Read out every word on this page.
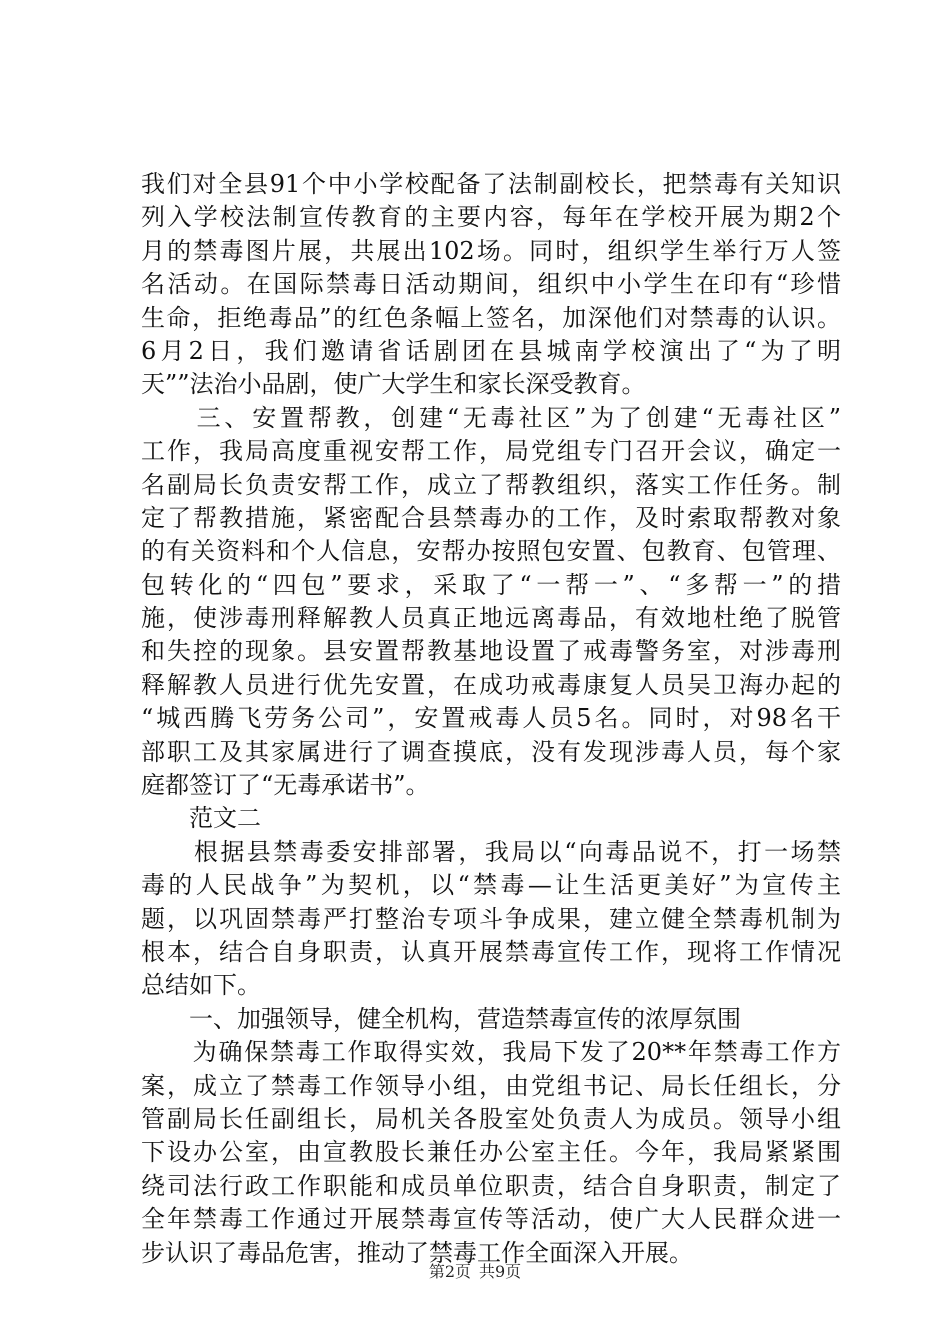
我们对全县91个中小学校配备了法制副校长，把禁毒有关知识
列入学校法制宣传教育的主要内容，每年在学校开展为期2个
月的禁毒图片展，共展出102场。同时，组织学生举行万人签
名活动。在国际禁毒日活动期间，组织中小学生在印有“珍惜
生命，拒绝毒品”的红色条幅上签名，加深他们对禁毒的认识。
6月2日，我们邀请省话剧团在县城南学校演出了“为了明
天””法治小品剧，使广大学生和家长深受教育。
　　三、安置帮教，创建“无毒社区”为了创建“无毒社区”
工作，我局高度重视安帮工作，局党组专门召开会议，确定一
名副局长负责安帮工作，成立了帮教组织，落实工作任务。制
定了帮教措施，紧密配合县禁毒办的工作，及时索取帮教对象
的有关资料和个人信息，安帮办按照包安置、包教育、包管理、
包转化的“四包”要求，采取了“一帮一”、“多帮一”的措
施，使涉毒刑释解教人员真正地远离毒品，有效地杜绝了脱管
和失控的现象。县安置帮教基地设置了戒毒警务室，对涉毒刑
释解教人员进行优先安置，在成功戒毒康复人员吴卫海办起的
“城西腾飞劳务公司”，安置戒毒人员5名。同时，对98名干
部职工及其家属进行了调查摸底，没有发现涉毒人员，每个家
庭都签订了“无毒承诺书”。
　　范文二
　　根据县禁毒委安排部署，我局以“向毒品说不，打一场禁
毒的人民战争”为契机，以“禁毒—让生活更美好”为宣传主
题，以巩固禁毒严打整治专项斗争成果，建立健全禁毒机制为
根本，结合自身职责，认真开展禁毒宣传工作，现将工作情况
总结如下。
　　一、加强领导，健全机构，营造禁毒宣传的浓厚氛围
　　为确保禁毒工作取得实效，我局下发了20**年禁毒工作方
案，成立了禁毒工作领导小组，由党组书记、局长任组长，分
管副局长任副组长，局机关各股室处负责人为成员。领导小组
下设办公室，由宣教股长兼任办公室主任。今年，我局紧紧围
绕司法行政工作职能和成员单位职责，结合自身职责，制定了
全年禁毒工作通过开展禁毒宣传等活动，使广大人民群众进一
步认识了毒品危害，推动了禁毒工作全面深入开展。
第2页 共9页
